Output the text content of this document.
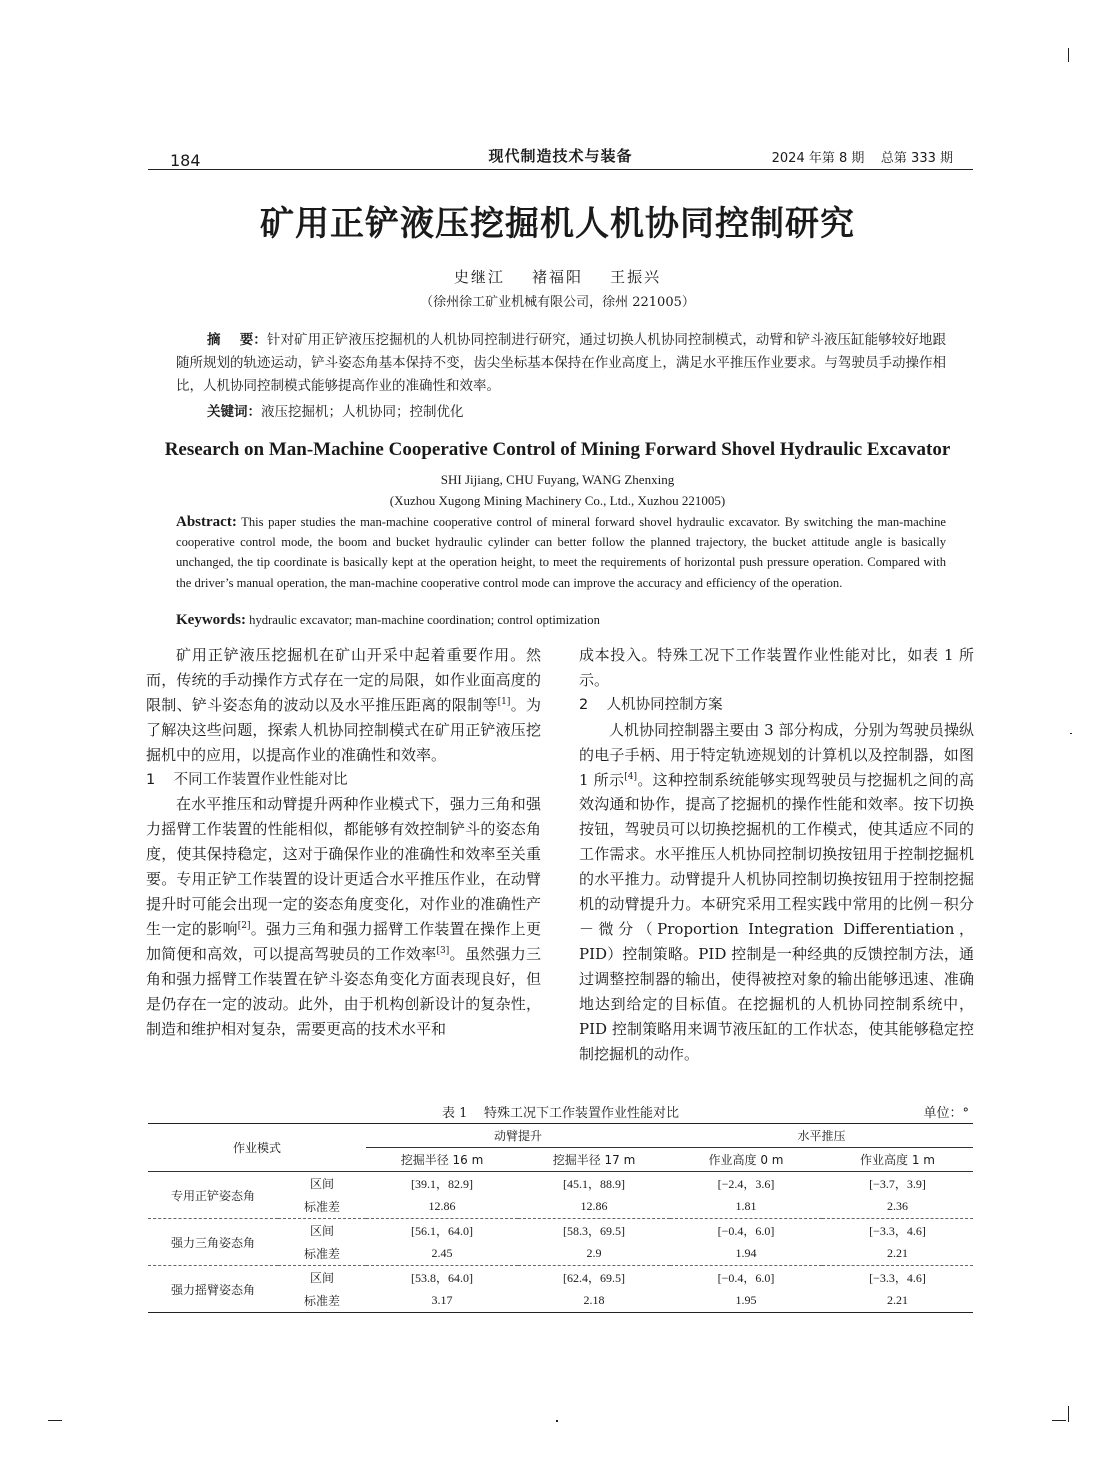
184	现代制造技术与装备	2024 年第 8 期    总第 333 期
矿用正铲液压挖掘机人机协同控制研究
史继江    褚福阳    王振兴
（徐州徐工矿业机械有限公司，徐州 221005）
摘    要：针对矿用正铲液压挖掘机的人机协同控制进行研究，通过切换人机协同控制模式，动臂和铲斗液压缸能够较好地跟随所规划的轨迹运动，铲斗姿态角基本保持不变，齿尖坐标基本保持在作业高度上，满足水平推压作业要求。与驾驶员手动操作相比，人机协同控制模式能够提高作业的准确性和效率。
关键词：液压挖掘机；人机协同；控制优化
Research on Man-Machine Cooperative Control of Mining Forward Shovel Hydraulic Excavator
SHI Jijiang, CHU Fuyang, WANG Zhenxing
(Xuzhou Xugong Mining Machinery Co., Ltd., Xuzhou 221005)
Abstract: This paper studies the man-machine cooperative control of mineral forward shovel hydraulic excavator. By switching the man-machine cooperative control mode, the boom and bucket hydraulic cylinder can better follow the planned trajectory, the bucket attitude angle is basically unchanged, the tip coordinate is basically kept at the operation height, to meet the requirements of horizontal push pressure operation. Compared with the driver’s manual operation, the man-machine cooperative control mode can improve the accuracy and efficiency of the operation.
Keywords: hydraulic excavator; man-machine coordination; control optimization

矿用正铲液压挖掘机在矿山开采中起着重要作用。然而，传统的手动操作方式存在一定的局限，如作业面高度的限制、铲斗姿态角的波动以及水平推压距离的限制等[1]。为了解决这些问题，探索人机协同控制模式在矿用正铲液压挖掘机中的应用，以提高作业的准确性和效率。

1    不同工作装置作业性能对比

在水平推压和动臂提升两种作业模式下，强力三角和强力摇臂工作装置的性能相似，都能够有效控制铲斗的姿态角度，使其保持稳定，这对于确保作业的准确性和效率至关重要。专用正铲工作装置的设计更适合水平推压作业，在动臂提升时可能会出现一定的姿态角度变化，对作业的准确性产生一定的影响[2]。强力三角和强力摇臂工作装置在操作上更加简便和高效，可以提高驾驶员的工作效率[3]。虽然强力三角和强力摇臂工作装置在铲斗姿态角变化方面表现良好，但是仍存在一定的波动。此外，由于机构创新设计的复杂性，制造和维护相对复杂，需要更高的技术水平和

成本投入。特殊工况下工作装置作业性能对比，如表 1 所示。
2    人机协同控制方案

人机协同控制器主要由 3 部分构成，分别为驾驶员操纵的电子手柄、用于特定轨迹规划的计算机以及控制器，如图 1 所示[4]。这种控制系统能够实现驾驶员与挖掘机之间的高效沟通和协作，提高了挖掘机的操作性能和效率。按下切换按钮，驾驶员可以切换挖掘机的工作模式，使其适应不同的工作需求。水平推压人机协同控制切换按钮用于控制挖掘机的水平推力。动臂提升人机协同控制切换按钮用于控制挖掘机的动臂提升力。本研究采用工程实践中常用的比例－积分－微分（Proportion Integration Differentiation，PID）控制策略。PID 控制是一种经典的反馈控制方法，通过调整控制器的输出，使得被控对象的输出能够迅速、准确地达到给定的目标值。在挖掘机的人机协同控制系统中，PID 控制策略用来调节液压缸的工作状态，使其能够稳定控制挖掘机的动作。

表 1    特殊工况下工作装置作业性能对比	单位：°
作业模式		动臂提升		水平推压	
		挖掘半径 16 m	挖掘半径 17 m	作业高度 0 m	作业高度 1 m
专用正铲姿态角	区间	[39.1，82.9]	[45.1，88.9]	[−2.4，3.6]	[−3.7，3.9]
	标准差	12.86	12.86	1.81	2.36
强力三角姿态角	区间	[56.1，64.0]	[58.3，69.5]	[−0.4，6.0]	[−3.3，4.6]
	标准差	2.45	2.9	1.94	2.21
强力摇臂姿态角	区间	[53.8，64.0]	[62.4，69.5]	[−0.4，6.0]	[−3.3，4.6]
	标准差	3.17	2.18	1.95	2.21
